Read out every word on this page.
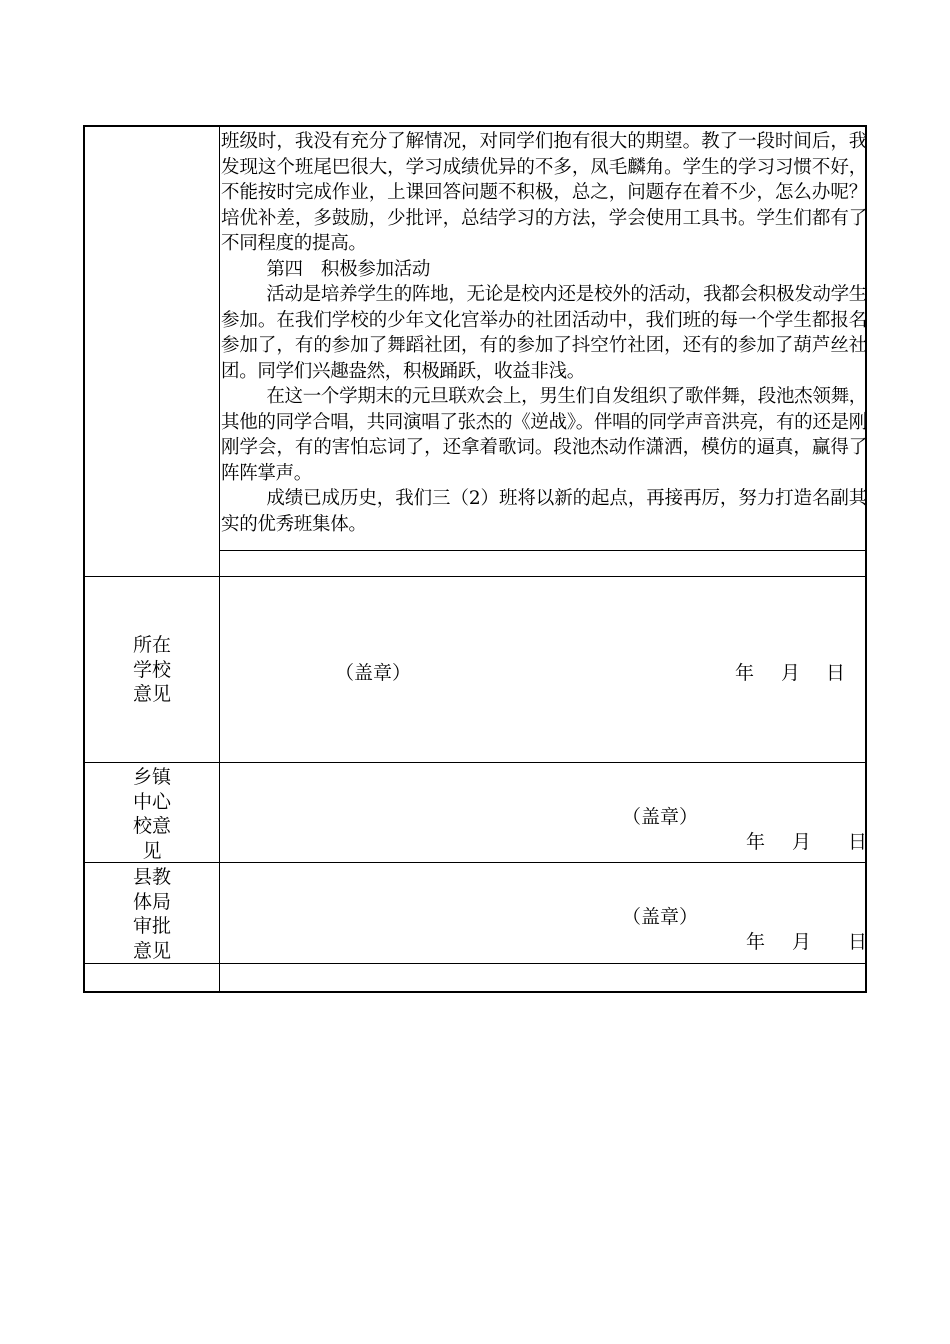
班级时，我没有充分了解情况，对同学们抱有很大的期望。教了一段时间后，我发现这个班尾巴很大，学习成绩优异的不多，凤毛麟角。学生的学习习惯不好，不能按时完成作业，上课回答问题不积极，总之，问题存在着不少，怎么办呢？培优补差，多鼓励，少批评，总结学习的方法，学会使用工具书。学生们都有了不同程度的提高。

第四　积极参加活动

活动是培养学生的阵地，无论是校内还是校外的活动，我都会积极发动学生参加。在我们学校的少年文化宫举办的社团活动中，我们班的每一个学生都报名参加了，有的参加了舞蹈社团，有的参加了抖空竹社团，还有的参加了葫芦丝社团。同学们兴趣盎然，积极踊跃，收益非浅。

在这一个学期末的元旦联欢会上，男生们自发组织了歌伴舞，段池杰领舞，其他的同学合唱，共同演唱了张杰的《逆战》。伴唱的同学声音洪亮，有的还是刚刚学会，有的害怕忘词了，还拿着歌词。段池杰动作潇洒，模仿的逼真，赢得了阵阵掌声。

成绩已成历史，我们三（2）班将以新的起点，再接再厉，努力打造名副其实的优秀班集体。

所在
学校
意见
（盖章）	年 月 日
乡镇
中心
校意
见
（盖章）
年 月 日
县教
体局
审批
意见
（盖章）
年 月 日
